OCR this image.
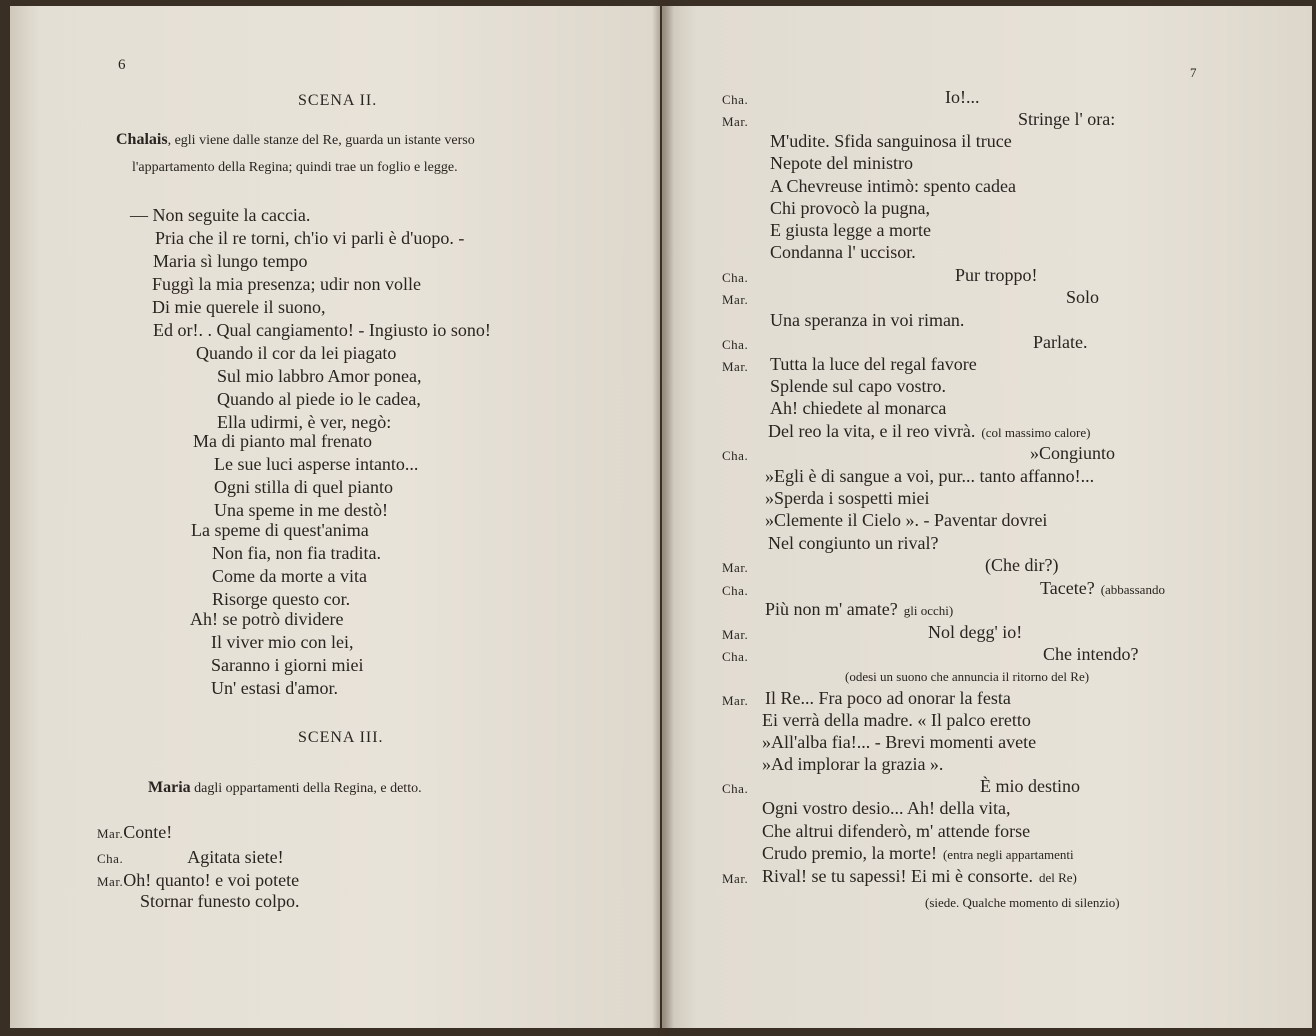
6
SCENA II.
Chalais, egli viene dalle stanze del Re, guarda un istante verso
l'appartamento della Regina; quindi trae un foglio e legge.
— Non seguite la caccia.
Pria che il re torni, ch'io vi parli è d'uopo. -
Maria sì lungo tempo
Fuggì la mia presenza; udir non volle
Di mie querele il suono,
Ed or!. . Qual cangiamento! - Ingiusto io sono!
Quando il cor da lei piagato
Sul mio labbro Amor ponea,
Quando al piede io le cadea,
Ella udirmi, è ver, negò:
Ma di pianto mal frenato
Le sue luci asperse intanto...
Ogni stilla di quel pianto
Una speme in me destò!
La speme di quest'anima
Non fia, non fia tradita.
Come da morte a vita
Risorge questo cor.
Ah! se potrò dividere
Il viver mio con lei,
Saranno i giorni miei
Un' estasi d'amor.
SCENA III.
Maria dagli oppartamenti della Regina, e detto.
Mar.Conte!
Cha.	Agitata siete!
Mar.Oh! quanto! e voi potete
Stornar funesto colpo.
7
Cha.	Io!...
Mar.	Stringe l' ora:
M'udite. Sfida sanguinosa il truce
Nepote del ministro
A Chevreuse intimò: spento cadea
Chi provocò la pugna,
E giusta legge a morte
Condanna l' uccisor.
Cha.	Pur troppo!
Mar.	Solo
Una speranza in voi riman.
Cha.	Parlate.
Mar. Tutta la luce del regal favore
Splende sul capo vostro.
Ah! chiedete al monarca
Del reo la vita, e il reo vivrà. (col massimo calore)
Cha.	»Congiunto
»Egli è di sangue a voi, pur... tanto affanno!...
»Sperda i sospetti miei
»Clemente il Cielo ». - Paventar dovrei
Nel congiunto un rival?
Mar.	(Che dir?)
Cha.	Tacete? (abbassando
Più non m' amate? gli occhi)
Mar.	Nol degg' io!
Cha.	Che intendo?
(odesi un suono che annuncia il ritorno del Re)
Mar. Il Re... Fra poco ad onorar la festa
Ei verrà della madre. « Il palco eretto
»All'alba fia!... - Brevi momenti avete
»Ad implorar la grazia ».
Cha.	È mio destino
Ogni vostro desio... Ah! della vita,
Che altrui difenderò, m' attende forse
Crudo premio, la morte! (entra negli appartamenti
Mar. Rival! se tu sapessi! Ei mi è consorte. del Re)
(siede. Qualche momento di silenzio)
